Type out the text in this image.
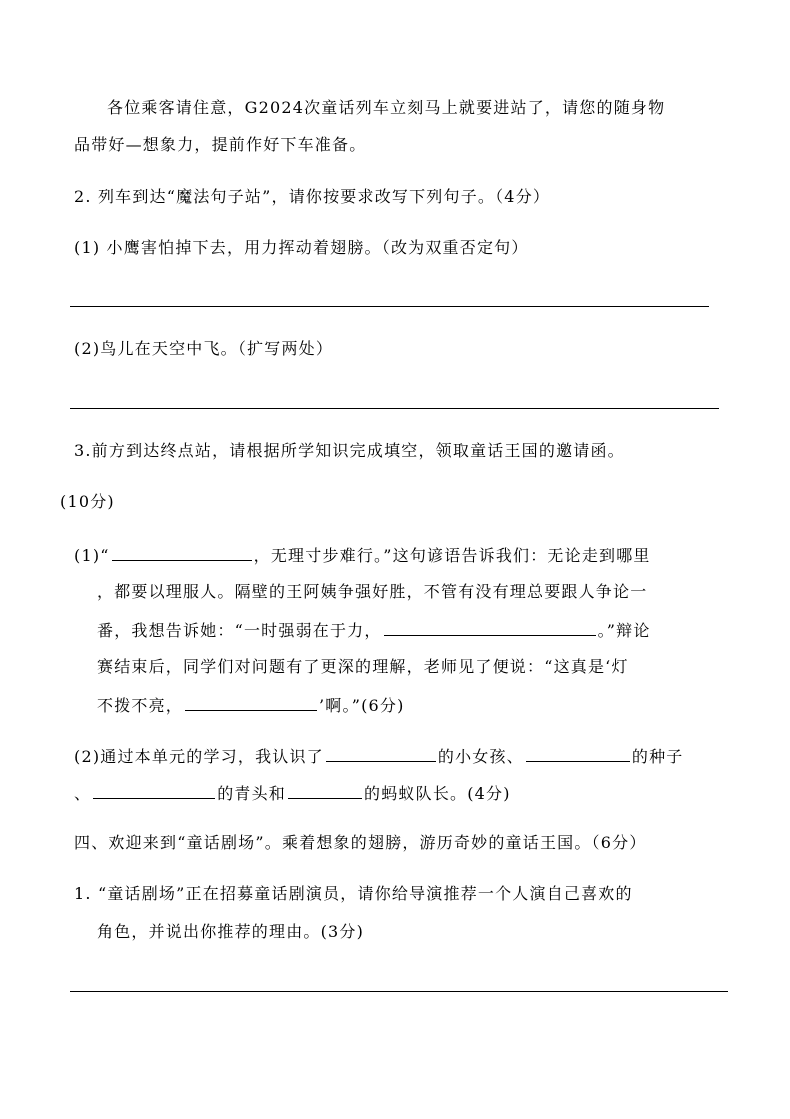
各位乘客请住意，G2024次童话列车立刻马上就要进站了，请您的随身物
品带好—想象力，提前作好下车准备。
2. 列车到达“魔法句子站”，请你按要求改写下列句子。（4分）
(1) 小鹰害怕掉下去，用力挥动着翅膀。（改为双重否定句）
(2)鸟儿在天空中飞。（扩写两处）
3.前方到达终点站，请根据所学知识完成填空，领取童话王国的邀请函。
(10分)
(1)“	，无理寸步难行。”这句谚语告诉我们：无论走到哪里
，都要以理服人。隔壁的王阿姨争强好胜，不管有没有理总要跟人争论一
番，我想告诉她：“一时强弱在于力，	。”辩论
赛结束后，同学们对问题有了更深的理解，老师见了便说：“这真是‘灯
不拨不亮，	’啊。”(6分)
(2)通过本单元的学习，我认识了	的小女孩、	的种子
、	的青头和	的蚂蚁队长。(4分)
四、欢迎来到“童话剧场”。乘着想象的翅膀，游历奇妙的童话王国。（6分）
1. “童话剧场”正在招募童话剧演员，请你给导演推荐一个人演自己喜欢的
角色，并说出你推荐的理由。(3分)
